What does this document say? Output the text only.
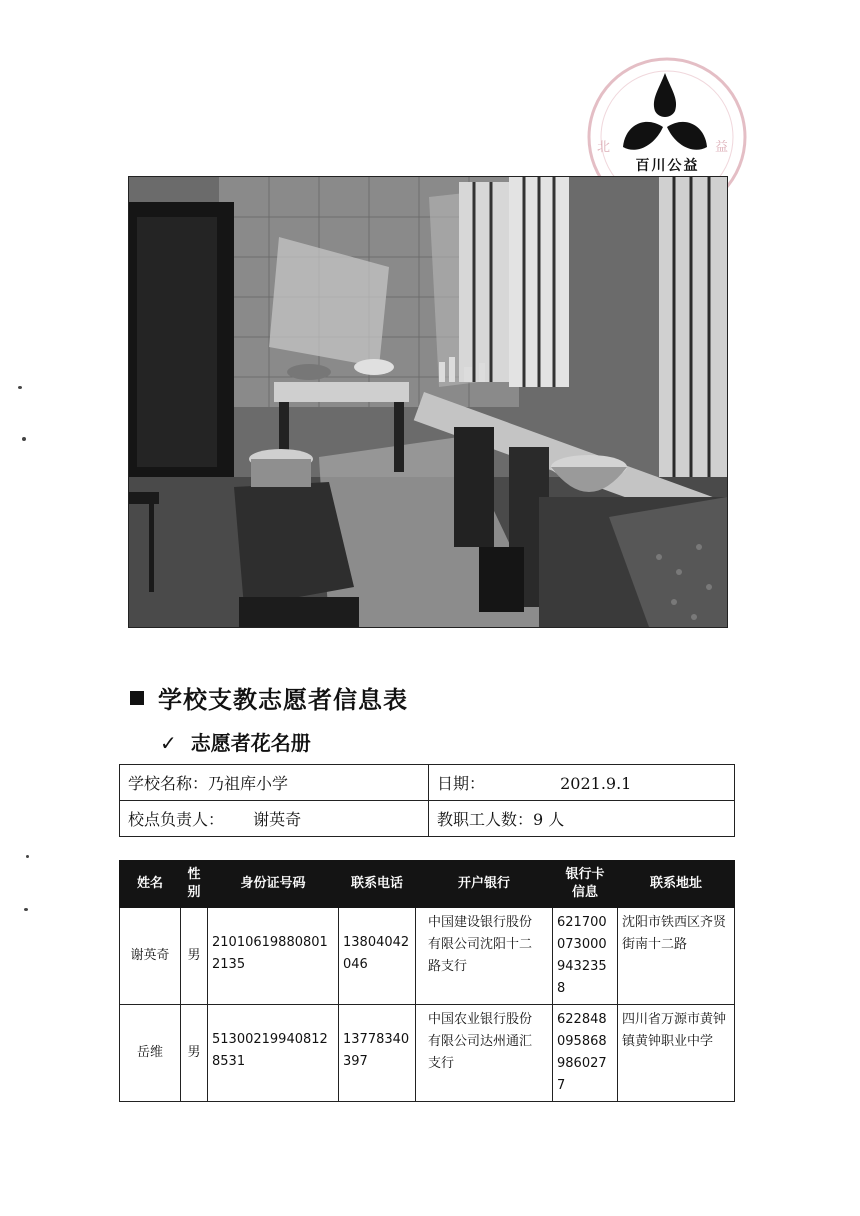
北	益
百川公益
学校支教志愿者信息表
✓ 志愿者花名册
学校名称：乃祖库小学	日期： 2021.9.1
校点负责人： 谢英奇	教职工人数：9 人
姓名	性别	身份证号码	联系电话	开户银行	银行卡信息	联系地址
谢英奇	男	210106198808012135	13804042046	中国建设银行股份有限公司沈阳十二路支行	6217000730009432358	沈阳市铁西区齐贤街南十二路
岳维	男	513002199408128531	13778340397	中国农业银行股份有限公司达州通汇支行	6228480958689860277	四川省万源市黄钟镇黄钟职业中学
